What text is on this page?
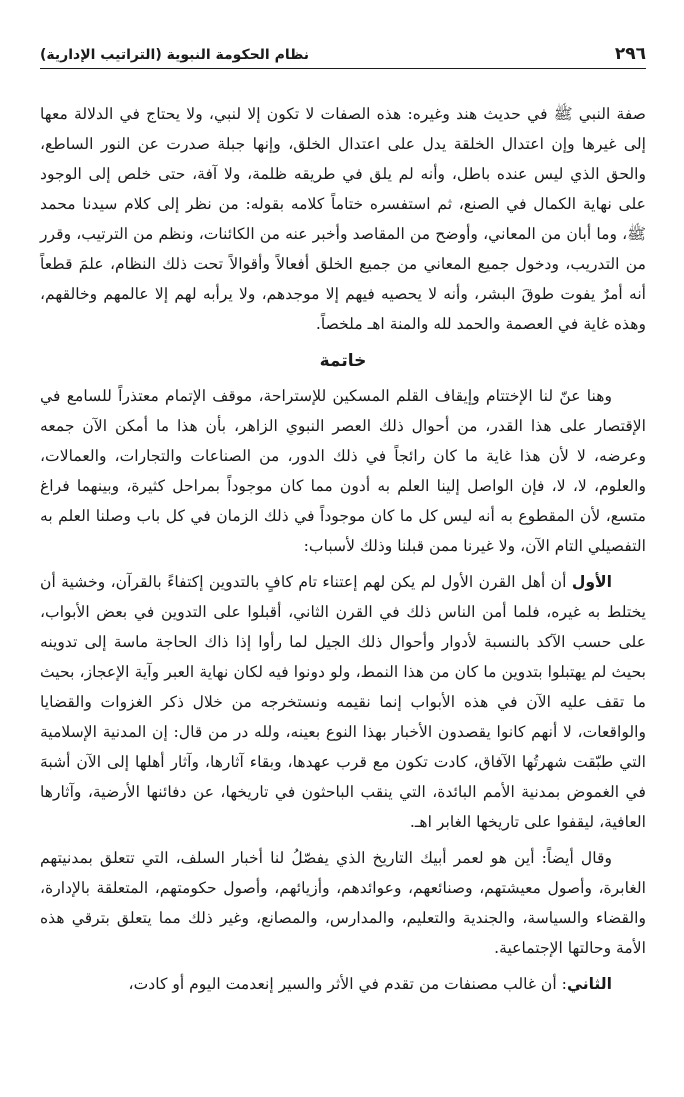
٢٩٦
نظام الحكومة النبوية (التراتيب الإدارية)

صفة النبي ﷺ في حديث هند وغيره: هذه الصفات لا تكون إلا لنبي، ولا يحتاج في الدلالة معها إلى غيرها وإن اعتدال الخلقة يدل على اعتدال الخلق، وإنها جبلة صدرت عن النور الساطع، والحق الذي ليس عنده باطل، وأنه لم يلق في طريقه ظلمة، ولا آفة، حتى خلص إلى الوجود على نهاية الكمال في الصنع، ثم استفسره ختاماً كلامه بقوله: من نظر إلى كلام سيدنا محمد ﷺ، وما أبان من المعاني، وأوضح من المقاصد وأخبر عنه من الكائنات، ونظم من الترتيب، وقرر من التدريب، ودخول جميع المعاني من جميع الخلق أفعالاً وأقوالاً تحت ذلك النظام، علمَ قطعاً أنه أمرٌ يفوت طوقَ البشر، وأنه لا يحصيه فيهم إلا موجدهم، ولا يرأبه لهم إلا عالمهم وخالقهم، وهذه غاية في العصمة والحمد لله والمنة اهـ ملخصاً.

خاتمة

وهنا عنّ لنا الإختتام وإيقاف القلم المسكين للإستراحة، موقف الإتمام معتذراً للسامع في الإقتصار على هذا القدر، من أحوال ذلك العصر النبوي الزاهر، بأن هذا ما أمكن الآن جمعه وعرضه، لا لأن هذا غاية ما كان رائجاً في ذلك الدور، من الصناعات والتجارات، والعمالات، والعلوم، لا، لا، فإن الواصل إلينا العلم به أدون مما كان موجوداً بمراحل كثيرة، وبينهما فراغ متسع، لأن المقطوع به أنه ليس كل ما كان موجوداً في ذلك الزمان في كل باب وصلنا العلم به التفصيلي التام الآن، ولا غيرنا ممن قبلنا وذلك لأسباب:

الأول أن أهل القرن الأول لم يكن لهم إعتناء تام كافٍ بالتدوين إكتفاءً بالقرآن، وخشية أن يختلط به غيره، فلما أمن الناس ذلك في القرن الثاني، أقبلوا على التدوين في بعض الأبواب، على حسب الآكد بالنسبة لأدوار وأحوال ذلك الجيل لما رأوا إذا ذاك الحاجة ماسة إلى تدوينه بحيث لم يهتبلوا بتدوين ما كان من هذا النمط، ولو دونوا فيه لكان نهاية العبر وآية الإعجاز، بحيث ما تقف عليه الآن في هذه الأبواب إنما نقيمه ونستخرجه من خلال ذكر الغزوات والقضايا والواقعات، لا أنهم كانوا يقصدون الأخبار بهذا النوع بعينه، ولله در من قال: إن المدنية الإسلامية التي طبّقت شهرتُها الآفاق، كادت تكون مع قرب عهدها، وبقاء آثارها، وآثار أهلها إلى الآن أشبهَ في الغموض بمدنية الأمم البائدة، التي ينقب الباحثون في تاريخها، عن دفائنها الأرضية، وآثارها العافية، ليقفوا على تاريخها الغابر اهـ.

وقال أيضاً: أين هو لعمر أبيك التاريخ الذي يفصّلُ لنا أخبار السلف، التي تتعلق بمدنيتهم الغابرة، وأصول معيشتهم، وصنائعهم، وعوائدهم، وأزيائهم، وأصول حكومتهم، المتعلقة بالإدارة، والقضاء والسياسة، والجندية والتعليم، والمدارس، والمصانع، وغير ذلك مما يتعلق بترقي هذه الأمة وحالتها الإجتماعية.

الثاني: أن غالب مصنفات من تقدم في الأثر والسير إنعدمت اليوم أو كادت،
